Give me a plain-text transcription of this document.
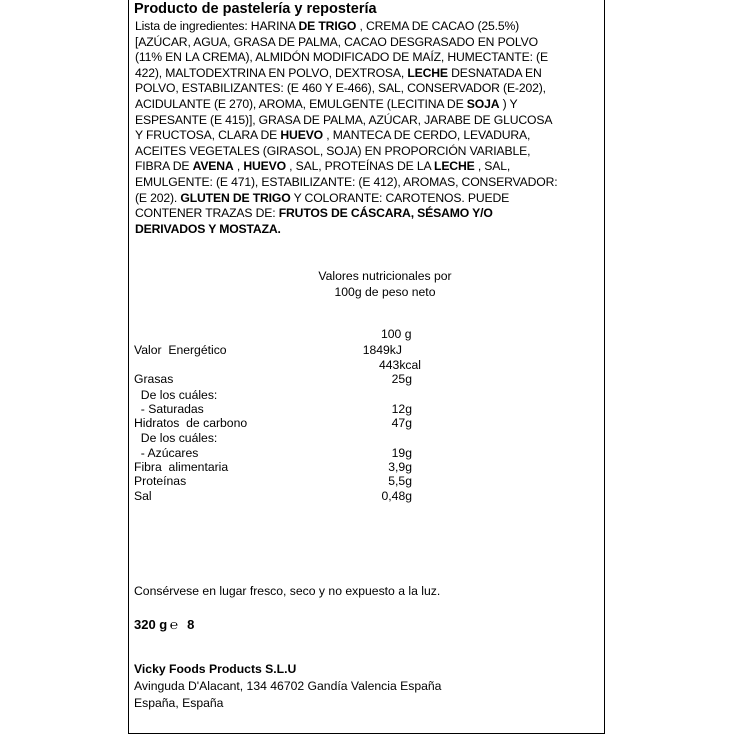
Producto de pastelería y repostería
Lista de ingredientes: HARINA DE TRIGO , CREMA DE CACAO (25.5%)
[AZÚCAR, AGUA, GRASA DE PALMA, CACAO DESGRASADO EN POLVO
(11% EN LA CREMA), ALMIDÓN MODIFICADO DE MAÍZ, HUMECTANTE: (E
422), MALTODEXTRINA EN POLVO, DEXTROSA, LECHE DESNATADA EN
POLVO, ESTABILIZANTES: (E 460 Y E-466), SAL, CONSERVADOR (E-202),
ACIDULANTE (E 270), AROMA, EMULGENTE (LECITINA DE SOJA ) Y
ESPESANTE (E 415)], GRASA DE PALMA, AZÚCAR, JARABE DE GLUCOSA
Y FRUCTOSA, CLARA DE HUEVO , MANTECA DE CERDO, LEVADURA,
ACEITES VEGETALES (GIRASOL, SOJA) EN PROPORCIÓN VARIABLE,
FIBRA DE AVENA , HUEVO , SAL, PROTEÍNAS DE LA LECHE , SAL,
EMULGENTE: (E 471), ESTABILIZANTE: (E 412), AROMAS, CONSERVADOR:
(E 202). GLUTEN DE TRIGO Y COLORANTE: CAROTENOS. PUEDE
CONTENER TRAZAS DE: FRUTOS DE CÁSCARA, SÉSAMO Y/O
DERIVADOS Y MOSTAZA.
Valores nutricionales por
100g de peso neto
100 g
Valor  Energético	1849kJ
443kcal
Grasas	25g
De los cuáles:
- Saturadas	12g
Hidratos  de carbono	47g
De los cuáles:
- Azúcares	19g
Fibra  alimentaria	3,9g
Proteínas	5,5g
Sal	0,48g
Consérvese en lugar fresco, seco y no expuesto a la luz.
320 g ℮ 8
Vicky Foods Products S.L.U
Avinguda D'Alacant, 134 46702 Gandía Valencia España
España, España
